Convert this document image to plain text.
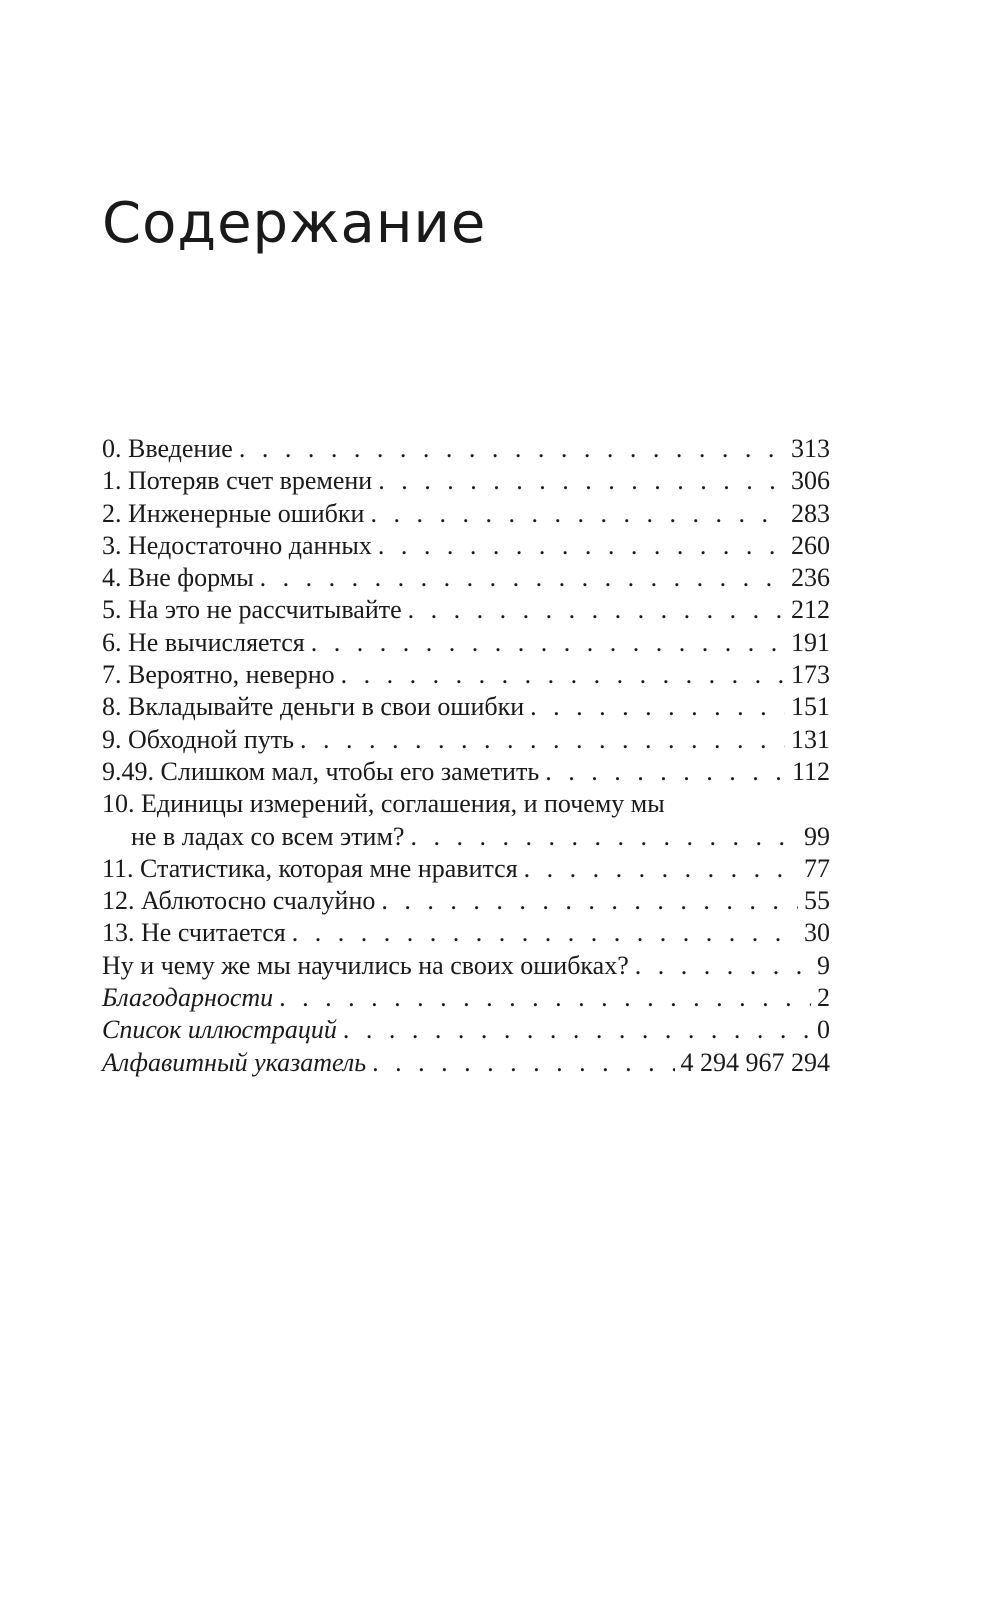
Содержание
0. Введение . . .	313
1. Потеряв счет времени . . .	306
2. Инженерные ошибки . . .	283
3. Недостаточно данных . . .	260
4. Вне формы . . .	236
5. На это не рассчитывайте . . .	212
6. Не вычисляется . . .	191
7. Вероятно, неверно . . .	173
8. Вкладывайте деньги в свои ошибки . . .	151
9. Обходной путь . . .	131
9.49. Слишком мал, чтобы его заметить . . .	112
10. Единицы измерений, соглашения, и почему мы
не в ладах со всем этим? . . .	99
11. Статистика, которая мне нравится . . .	77
12. Аблютосно счалуйно . . .	55
13. Не считается . . .	30
Ну и чему же мы научились на своих ошибках? . . .	9
Благодарности . . .	2
Список иллюстраций . . .	0
Алфавитный указатель . . .	4 294 967 294
